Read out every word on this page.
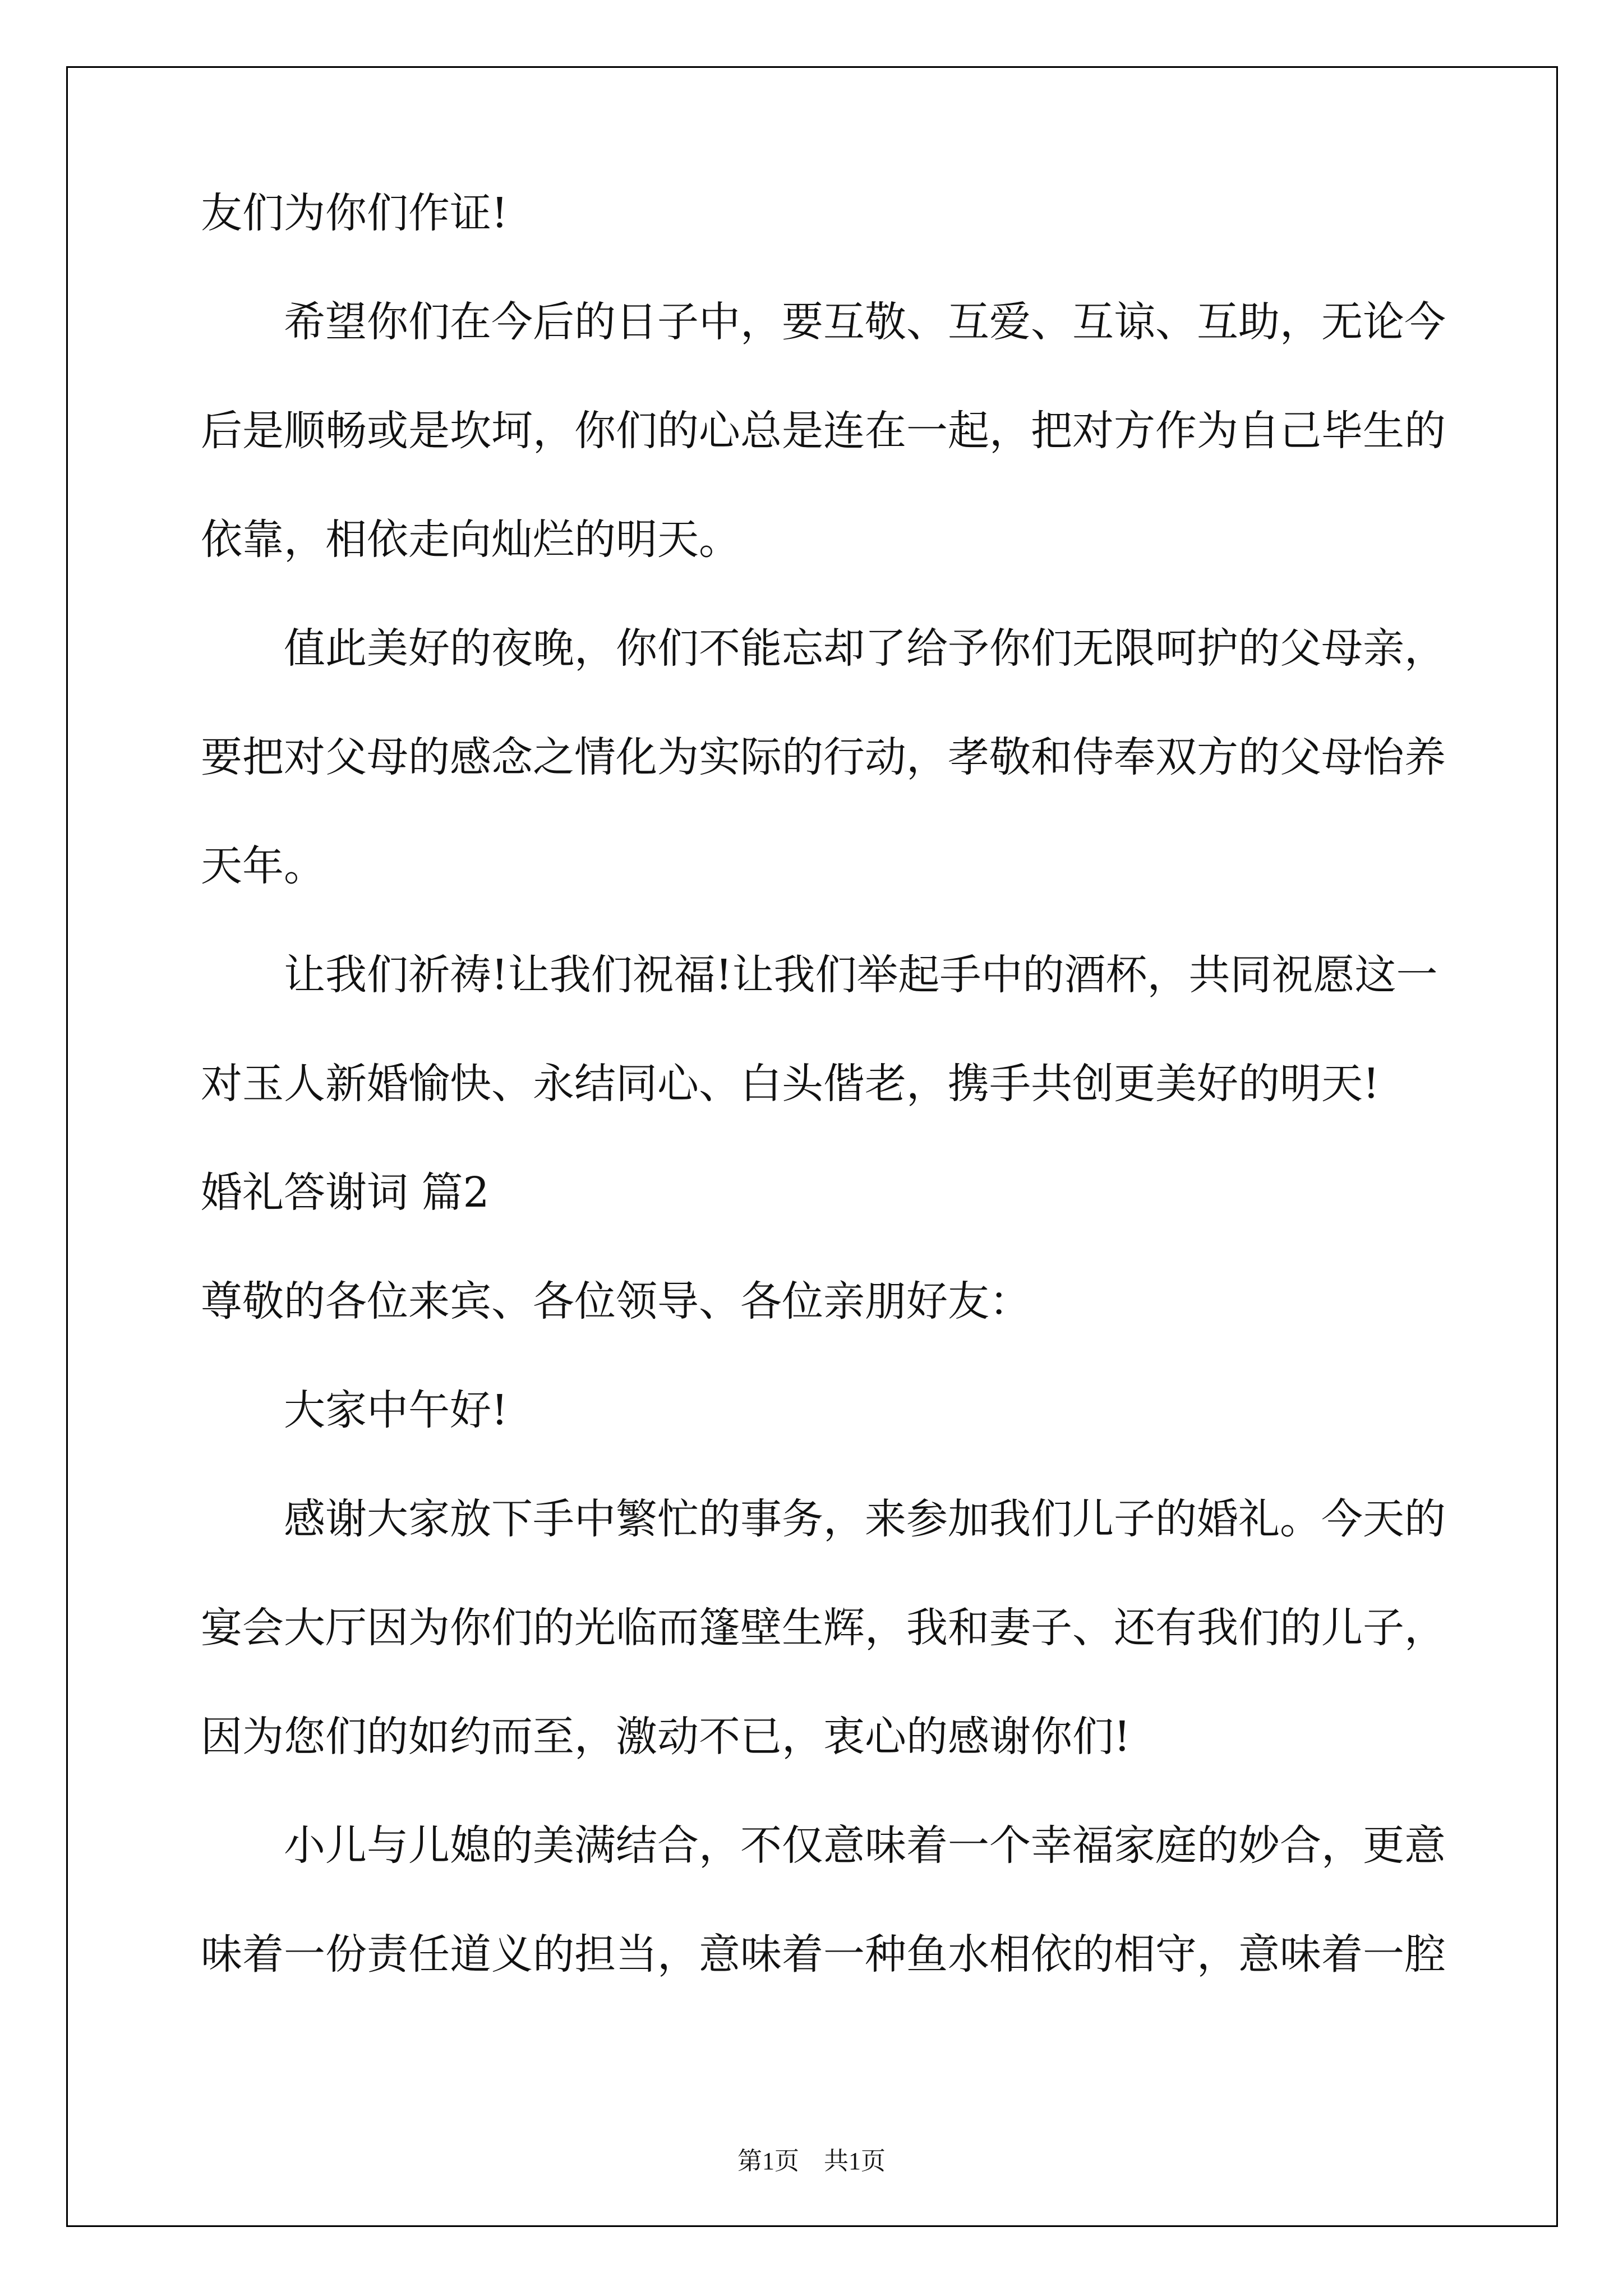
友们为你们作证!
　　希望你们在今后的日子中，要互敬、互爱、互谅、互助，无论今
后是顺畅或是坎坷，你们的心总是连在一起，把对方作为自己毕生的
依靠，相依走向灿烂的明天。
　　值此美好的夜晚，你们不能忘却了给予你们无限呵护的父母亲，
要把对父母的感念之情化为实际的行动，孝敬和侍奉双方的父母怡养
天年。
　　让我们祈祷!让我们祝福!让我们举起手中的酒杯，共同祝愿这一
对玉人新婚愉快、永结同心、白头偕老，携手共创更美好的明天!
婚礼答谢词 篇2
尊敬的各位来宾、各位领导、各位亲朋好友：
　　大家中午好!
　　感谢大家放下手中繁忙的事务，来参加我们儿子的婚礼。今天的
宴会大厅因为你们的光临而篷壁生辉，我和妻子、还有我们的儿子，
因为您们的如约而至，激动不已，衷心的感谢你们!
　　小儿与儿媳的美满结合，不仅意味着一个幸福家庭的妙合，更意
味着一份责任道义的担当，意味着一种鱼水相依的相守，意味着一腔
第1页　共1页
